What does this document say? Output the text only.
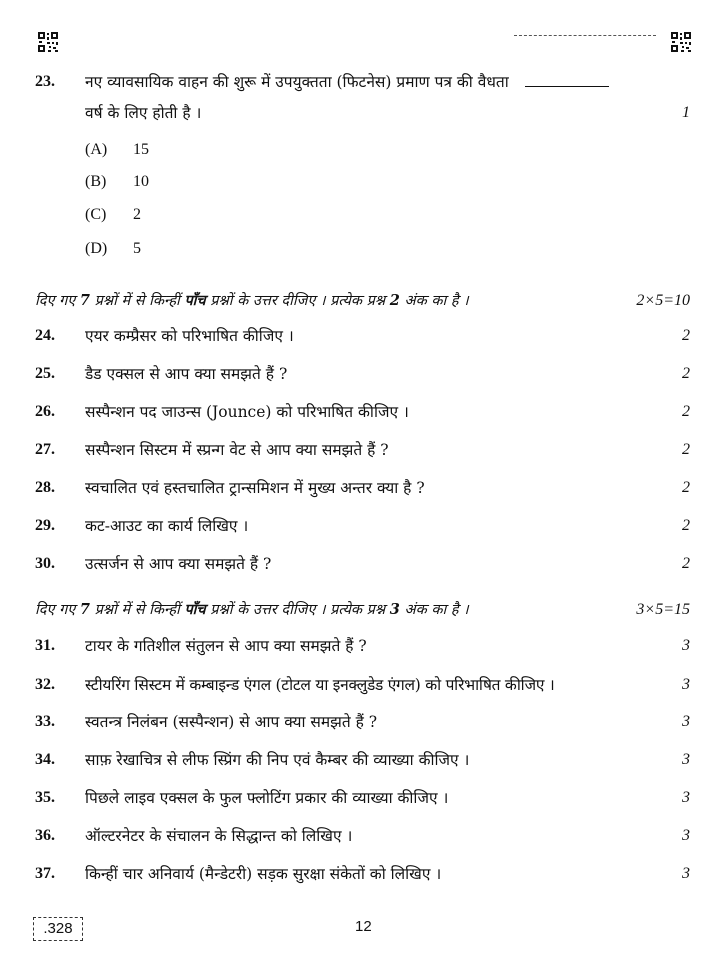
23. नए व्यावसायिक वाहन की शुरू में उपयुक्तता (फिटनेस) प्रमाण पत्र की वैधता
वर्ष के लिए होती है ।	1
(A) 15
(B) 10
(C) 2
(D) 5
दिए गए 7 प्रश्नों में से किन्हीं पाँच प्रश्नों के उत्तर दीजिए । प्रत्येक प्रश्न 2 अंक का है ।	2×5=10
24. एयर कम्प्रैसर को परिभाषित कीजिए ।	2
25. डैड एक्सल से आप क्या समझते हैं ?	2
26. सस्पैन्शन पद जाउन्स (Jounce) को परिभाषित कीजिए ।	2
27. सस्पैन्शन सिस्टम में स्प्रन्ग वेट से आप क्या समझते हैं ?	2
28. स्वचालित एवं हस्तचालित ट्रान्समिशन में मुख्य अन्तर क्या है ?	2
29. कट-आउट का कार्य लिखिए ।	2
30. उत्सर्जन से आप क्या समझते हैं ?	2
दिए गए 7 प्रश्नों में से किन्हीं पाँच प्रश्नों के उत्तर दीजिए । प्रत्येक प्रश्न 3 अंक का है ।	3×5=15
31. टायर के गतिशील संतुलन से आप क्या समझते हैं ?	3
32. स्टीयरिंग सिस्टम में कम्बाइन्ड एंगल (टोटल या इनक्लुडेड एंगल) को परिभाषित कीजिए ।	3
33. स्वतन्त्र निलंबन (सस्पैन्शन) से आप क्या समझते हैं ?	3
34. साफ़ रेखाचित्र से लीफ स्प्रिंग की निप एवं कैम्बर की व्याख्या कीजिए ।	3
35. पिछले लाइव एक्सल के फुल फ्लोटिंग प्रकार की व्याख्या कीजिए ।	3
36. ऑल्टरनेटर के संचालन के सिद्धान्त को लिखिए ।	3
37. किन्हीं चार अनिवार्य (मैन्डेटरी) सड़क सुरक्षा संकेतों को लिखिए ।	3
.328	12
